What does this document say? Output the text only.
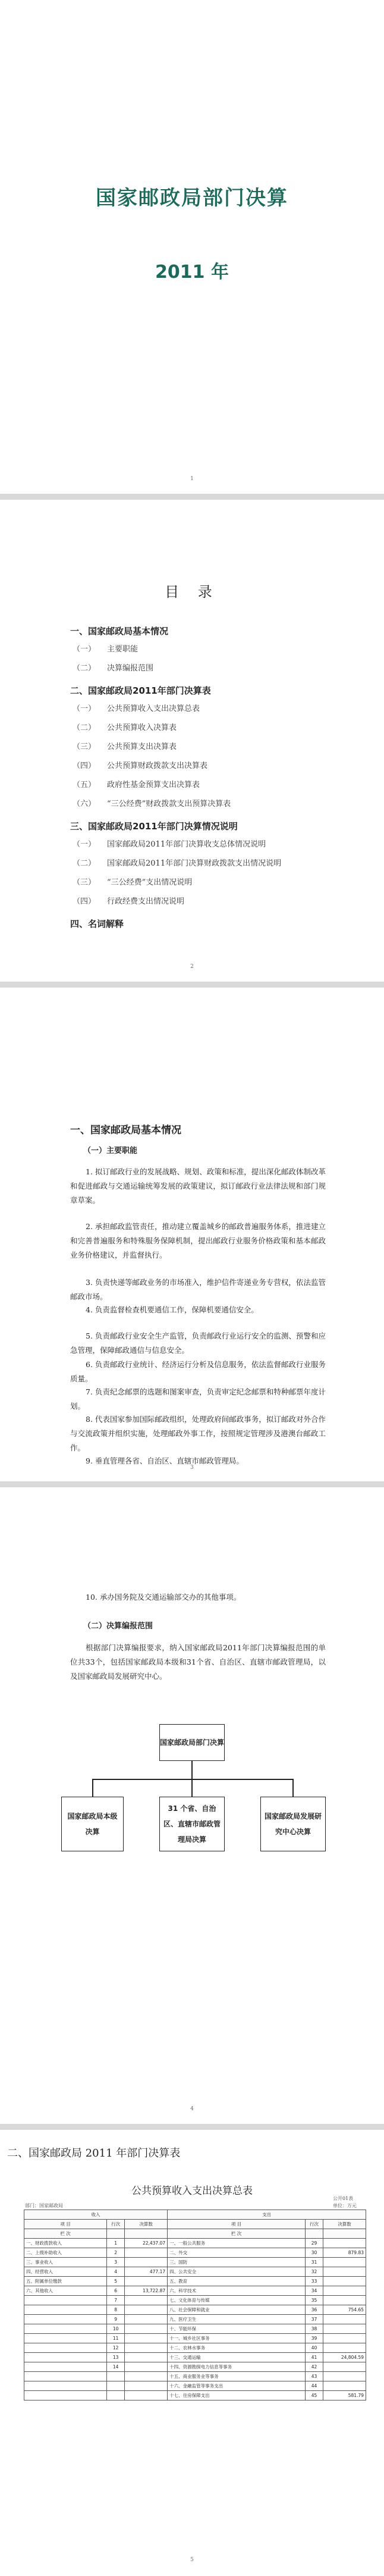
国家邮政局部门决算
2011 年
1
2
目 录
一、国家邮政局基本情况
（一） 主要职能
（二） 决算编报范围
二、国家邮政局2011年部门决算表
（一） 公共预算收入支出决算总表
（二） 公共预算收入决算表
（三） 公共预算支出决算表
（四） 公共预算财政拨款支出决算表
（五） 政府性基金预算支出决算表
（六） “三公经费”财政拨款支出预算决算表
三、国家邮政局2011年部门决算情况说明
（一） 国家邮政局2011年部门决算收支总体情况说明
（二） 国家邮政局2011年部门决算财政拨款支出情况说明
（三） “三公经费”支出情况说明
（四） 行政经费支出情况说明
四、名词解释
3
一、国家邮政局基本情况
（一）主要职能
1. 拟订邮政行业的发展战略、规划、政策和标准，提出深化邮政体制改革和促进邮政与交通运输统筹发展的政策建议，拟订邮政行业法律法规和部门规章草案。
2. 承担邮政监管责任，推动建立覆盖城乡的邮政普遍服务体系，推进建立和完善普遍服务和特殊服务保障机制，提出邮政行业服务价格政策和基本邮政业务价格建议，并监督执行。
3. 负责快递等邮政业务的市场准入，维护信件寄递业务专营权，依法监管邮政市场。
4. 负责监督检查机要通信工作，保障机要通信安全。
5. 负责邮政行业安全生产监管，负责邮政行业运行安全的监测、预警和应急管理，保障邮政通信与信息安全。
6. 负责邮政行业统计、经济运行分析及信息服务，依法监督邮政行业服务质量。
7. 负责纪念邮票的选题和图案审查，负责审定纪念邮票和特种邮票年度计划。
8. 代表国家参加国际邮政组织，处理政府间邮政事务，拟订邮政对外合作与交流政策并组织实施，处理邮政外事工作，按照规定管理涉及港澳台邮政工作。
9. 垂直管理各省、自治区、直辖市邮政管理局。
4
10. 承办国务院及交通运输部交办的其他事项。
（二）决算编报范围
根据部门决算编报要求，纳入国家邮政局2011年部门决算编报范围的单位共33个，包括国家邮政局本级和31个省、自治区、直辖市邮政管理局，以及国家邮政局发展研究中心。
国家邮政局部门决算
国家邮政局本级决算
31 个省、自治区、直辖市邮政管理局决算
国家邮政局发展研究中心决算
5
二、国家邮政局 2011 年部门决算表
公共预算收入支出决算总表
公开01表
部门：国家邮政局	单位：万元
收入			支出		
项 目	行次	决算数	项 目	行次	决算数
栏 次			栏 次		
一、财政拨款收入	1	22,437.07	一、一般公共服务	29	
二、上级补助收入	2		二、外交	30	879.83
三、事业收入	3		三、国防	31	
四、经营收入	4	477.17	四、公共安全	32	
五、附属单位缴款	5		五、教育	33	
六、其他收入	6	13,722.87	六、科学技术	34	
	7		七、文化体育与传媒	35	
	8		八、社会保障和就业	36	754.65
	9		九、医疗卫生	37	
	10		十、节能环保	38	
	11		十一、城乡社区事务	39	
	12		十二、农林水事务	40	
	13		十三、交通运输	41	24,804.59
	14		十四、资源勘探电力信息等事务	42	
			十五、商业服务业等事务	43	
			十六、金融监管等事务支出	44	
			十七、住房保障支出	45	581.79
